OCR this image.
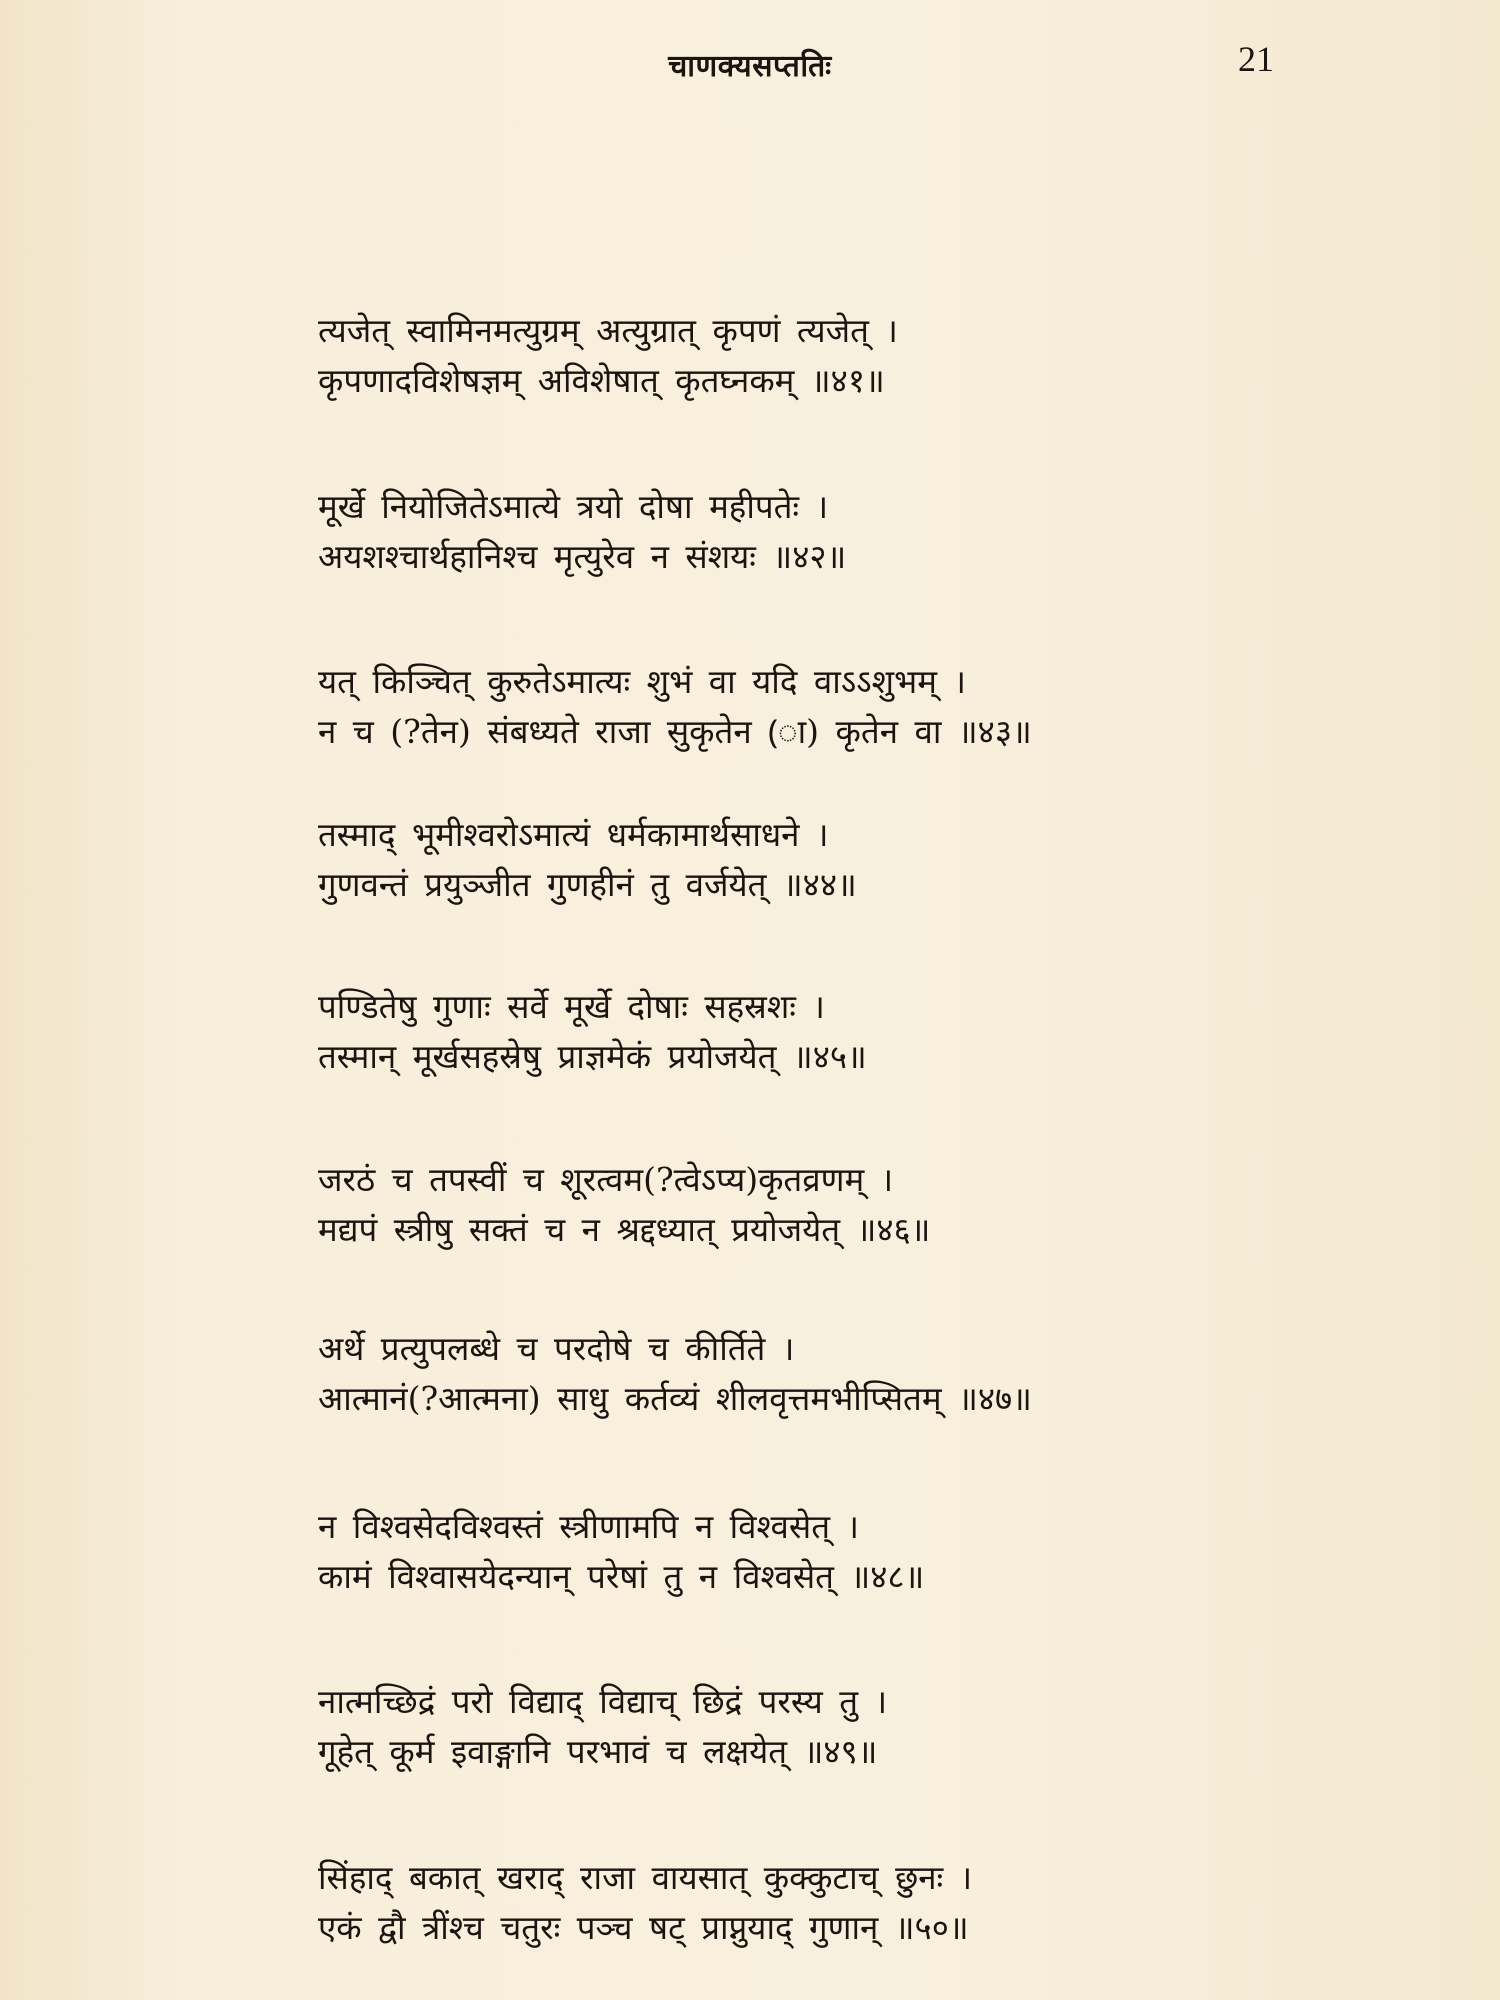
चाणक्यसप्ततिः	21
त्यजेत् स्वामिनमत्युग्रम् अत्युग्रात् कृपणं त्यजेत् ।
कृपणादविशेषज्ञम् अविशेषात् कृतघ्नकम् ॥४१॥
मूर्खे नियोजितेऽमात्ये त्रयो दोषा महीपतेः ।
अयशश्चार्थहानिश्च मृत्युरेव न संशयः ॥४२॥
यत् किञ्चित् कुरुतेऽमात्यः शुभं वा यदि वाऽऽशुभम् ।
न च (?तेन) संबध्यते राजा सुकृतेन (ा) कृतेन वा ॥४३॥
तस्माद् भूमीश्वरोऽमात्यं धर्मकामार्थसाधने ।
गुणवन्तं प्रयुञ्जीत गुणहीनं तु वर्जयेत् ॥४४॥
पण्डितेषु गुणाः सर्वे मूर्खे दोषाः सहस्रशः ।
तस्मान् मूर्खसहस्रेषु प्राज्ञमेकं प्रयोजयेत् ॥४५॥
जरठं च तपस्वीं च शूरत्वम(?त्वेऽप्य)कृतव्रणम् ।
मद्यपं स्त्रीषु सक्तं च न श्रद्दध्यात् प्रयोजयेत् ॥४६॥
अर्थे प्रत्युपलब्धे च परदोषे च कीर्तिते ।
आत्मानं(?आत्मना) साधु कर्तव्यं शीलवृत्तमभीप्सितम् ॥४७॥
न विश्वसेदविश्वस्तं स्त्रीणामपि न विश्वसेत् ।
कामं विश्वासयेदन्यान् परेषां तु न विश्वसेत् ॥४८॥
नात्मच्छिद्रं परो विद्याद् विद्याच् छिद्रं परस्य तु ।
गूहेत् कूर्म इवाङ्गानि परभावं च लक्षयेत् ॥४९॥
सिंहाद् बकात् खराद् राजा वायसात् कुक्कुटाच् छुनः ।
एकं द्वौ त्रींश्च चतुरः पञ्च षट् प्राप्नुयाद् गुणान् ॥५०॥
